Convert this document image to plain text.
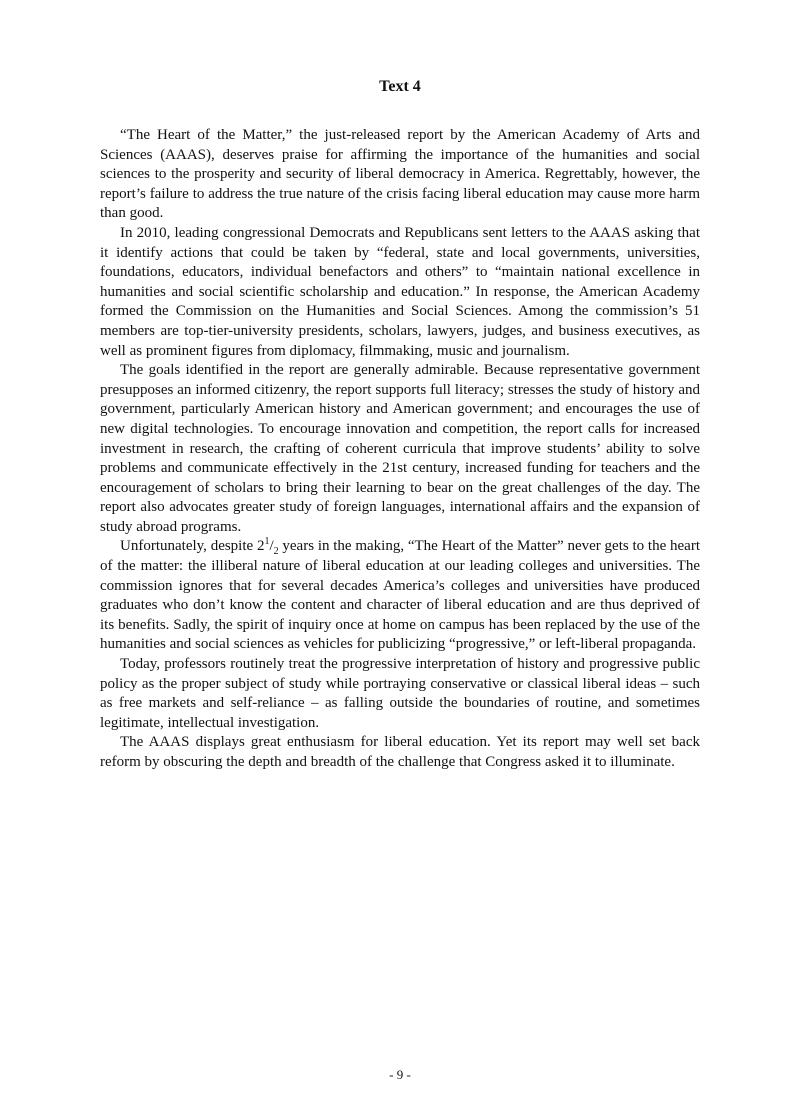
Text 4

“The Heart of the Matter,” the just-released report by the American Academy of Arts and Sciences (AAAS), deserves praise for affirming the importance of the humanities and social sciences to the prosperity and security of liberal democracy in America. Regrettably, however, the report’s failure to address the true nature of the crisis facing liberal education may cause more harm than good.

In 2010, leading congressional Democrats and Republicans sent letters to the AAAS asking that it identify actions that could be taken by “federal, state and local governments, universities, foundations, educators, individual benefactors and others” to “maintain national excellence in humanities and social scientific scholarship and education.” In response, the American Academy formed the Commission on the Humanities and Social Sciences. Among the commission’s 51 members are top-tier-university presidents, scholars, lawyers, judges, and business executives, as well as prominent figures from diplomacy, filmmaking, music and journalism.

The goals identified in the report are generally admirable. Because representative government presupposes an informed citizenry, the report supports full literacy; stresses the study of history and government, particularly American history and American government; and encourages the use of new digital technologies. To encourage innovation and competition, the report calls for increased investment in research, the crafting of coherent curricula that improve students’ ability to solve problems and communicate effectively in the 21st century, increased funding for teachers and the encouragement of scholars to bring their learning to bear on the great challenges of the day. The report also advocates greater study of foreign languages, international affairs and the expansion of study abroad programs.

Unfortunately, despite $2^1/_2$ years in the making, “The Heart of the Matter” never gets to the heart of the matter: the illiberal nature of liberal education at our leading colleges and universities. The commission ignores that for several decades America’s colleges and universities have produced graduates who don’t know the content and character of liberal education and are thus deprived of its benefits. Sadly, the spirit of inquiry once at home on campus has been replaced by the use of the humanities and social sciences as vehicles for publicizing “progressive,” or left-liberal propaganda.

Today, professors routinely treat the progressive interpretation of history and progressive public policy as the proper subject of study while portraying conservative or classical liberal ideas – such as free markets and self-reliance – as falling outside the boundaries of routine, and sometimes legitimate, intellectual investigation.

The AAAS displays great enthusiasm for liberal education. Yet its report may well set back reform by obscuring the depth and breadth of the challenge that Congress asked it to illuminate.

- 9 -
